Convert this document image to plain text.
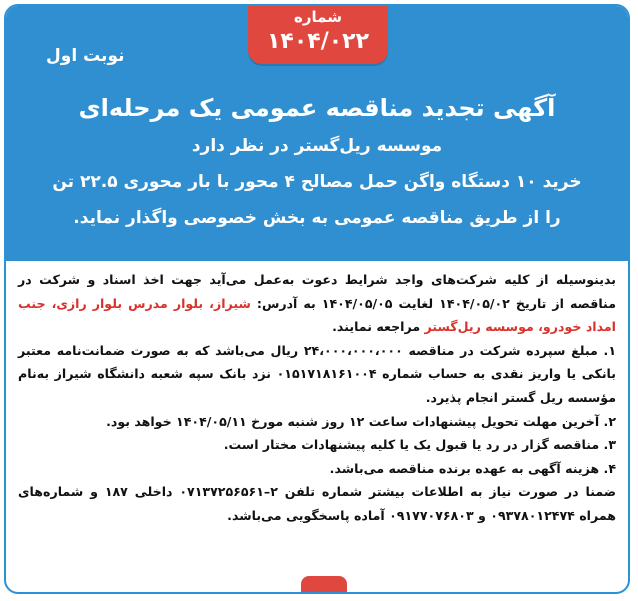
نوبت اول
آگهی تجدید مناقصه عمومی یک مرحله‌ای
موسسه ریل‌گستر در نظر دارد
خرید ۱۰ دستگاه واگن حمل مصالح ۴ محور با بار محوری ۲۲.۵ تن
را از طریق مناقصه عمومی به بخش خصوصی واگذار نماید.
شماره
۱۴۰۴/۰۲۲

بدینوسیله از کلیه شرکت‌های واجد شرایط دعوت به‌عمل می‌آید جهت اخذ اسناد و شرکت در مناقصه از تاریخ ۱۴۰۴/۰۵/۰۲ لغایت ۱۴۰۴/۰۵/۰۵ به آدرس: شیراز، بلوار مدرس بلوار رازی، جنب امداد خودرو، موسسه ریل‌گستر مراجعه نمایند.

۱. مبلغ سپرده شرکت در مناقصه ۲۴،۰۰۰،۰۰۰،۰۰۰ ریال می‌باشد که به صورت ضمانت‌نامه معتبر بانکی یا واریز نقدی به حساب شماره ۰۱۵۱۷۱۸۱۶۱۰۰۴ نزد بانک سپه شعبه دانشگاه شیراز به‌نام مؤسسه ریل گستر انجام پذیرد.

۲. آخرین مهلت تحویل پیشنهادات ساعت ۱۲ روز شنبه مورخ ۱۴۰۴/۰۵/۱۱ خواهد بود.

۳. مناقصه گزار در رد یا قبول یک یا کلیه پیشنهادات مختار است.

۴. هزینه آگهی به عهده برنده مناقصه می‌باشد.

ضمنا در صورت نیاز به اطلاعات بیشتر شماره تلفن ۲–۰۷۱۳۷۲۵۶۵۶۱ داخلی ۱۸۷ و شماره‌های همراه ۰۹۳۷۸۰۱۲۴۷۴ و ۰۹۱۷۷۰۷۶۸۰۳ آماده پاسخگویی می‌باشد.
